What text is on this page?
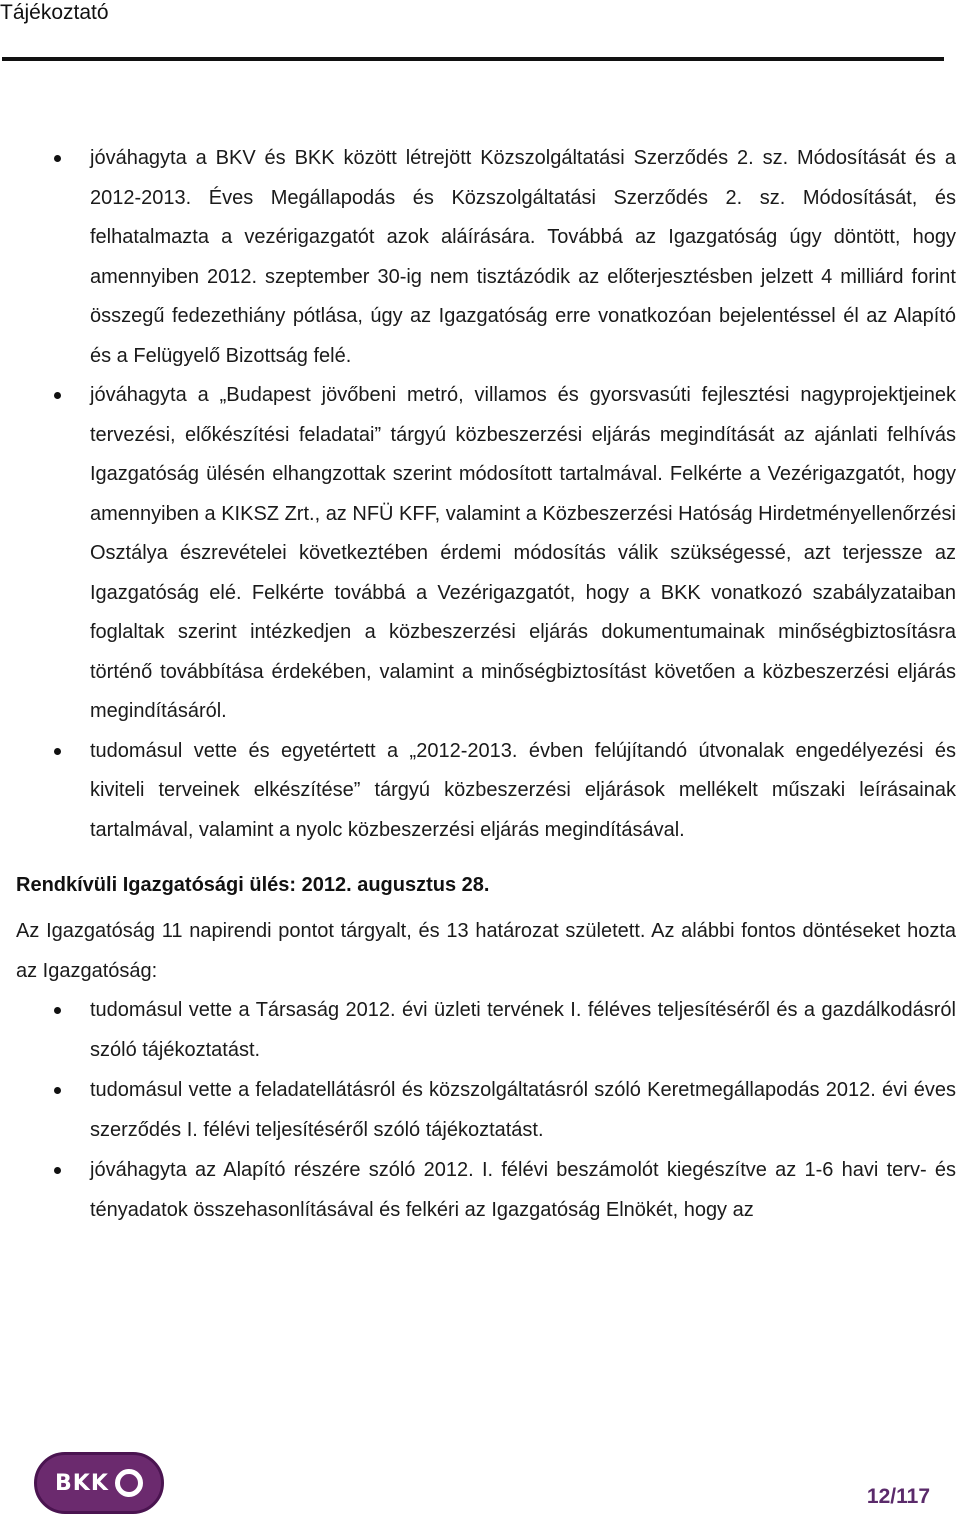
Tájékoztató
jóváhagyta a BKV és BKK között létrejött Közszolgáltatási Szerződés 2. sz. Módosítását és a 2012-2013. Éves Megállapodás és Közszolgáltatási Szerződés 2. sz. Módosítását, és felhatalmazta a vezérigazgatót azok aláírására. Továbbá az Igazgatóság úgy döntött, hogy amennyiben 2012. szeptember 30-ig nem tisztázódik az előterjesztésben jelzett 4 milliárd forint összegű fedezethiány pótlása, úgy az Igazgatóság erre vonatkozóan bejelentéssel él az Alapító és a Felügyelő Bizottság felé.
jóváhagyta a „Budapest jövőbeni metró, villamos és gyorsvasúti fejlesztési nagyprojektjeinek tervezési, előkészítési feladatai” tárgyú közbeszerzési eljárás megindítását az ajánlati felhívás Igazgatóság ülésén elhangzottak szerint módosított tartalmával. Felkérte a Vezérigazgatót, hogy amennyiben a KIKSZ Zrt., az NFÜ KFF, valamint a Közbeszerzési Hatóság Hirdetményellenőrzési Osztálya észrevételei következtében érdemi módosítás válik szükségessé, azt terjessze az Igazgatóság elé. Felkérte továbbá a Vezérigazgatót, hogy a BKK vonatkozó szabályzataiban foglaltak szerint intézkedjen a közbeszerzési eljárás dokumentumainak minőségbiztosításra történő továbbítása érdekében, valamint a minőségbiztosítást követően a közbeszerzési eljárás megindításáról.
tudomásul vette és egyetértett a „2012-2013. évben felújítandó útvonalak engedélyezési és kiviteli terveinek elkészítése” tárgyú közbeszerzési eljárások mellékelt műszaki leírásainak tartalmával, valamint a nyolc közbeszerzési eljárás megindításával.
Rendkívüli Igazgatósági ülés: 2012. augusztus 28.
Az Igazgatóság 11 napirendi pontot tárgyalt, és 13 határozat született. Az alábbi fontos döntéseket hozta az Igazgatóság:
tudomásul vette a Társaság 2012. évi üzleti tervének I. féléves teljesítéséről és a gazdálkodásról szóló tájékoztatást.
tudomásul vette a feladatellátásról és közszolgáltatásról szóló Keretmegállapodás 2012. évi éves szerződés I. félévi teljesítéséről szóló tájékoztatást.
jóváhagyta az Alapító részére szóló 2012. I. félévi beszámolót kiegészítve az 1-6 havi terv- és tényadatok összehasonlításával és felkéri az Igazgatóság Elnökét, hogy az
BKK
12/117
